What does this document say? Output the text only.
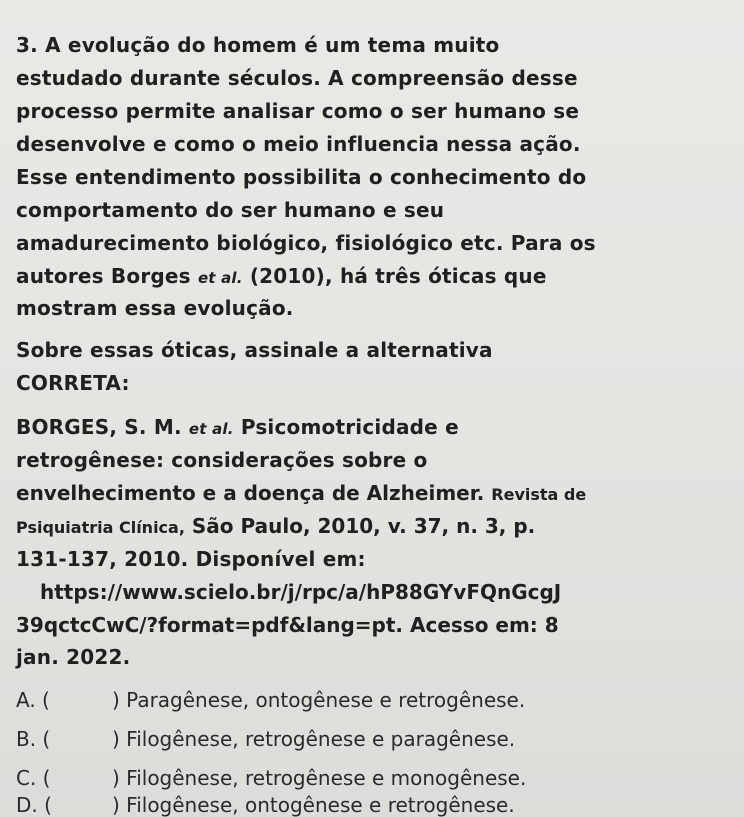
3. A evolução do homem é um tema muito
estudado durante séculos. A compreensão desse
processo permite analisar como o ser humano se
desenvolve e como o meio influencia nessa ação.
Esse entendimento possibilita o conhecimento do
comportamento do ser humano e seu
amadurecimento biológico, fisiológico etc. Para os
autores Borges et al. (2010), há três óticas que
mostram essa evolução.
Sobre essas óticas, assinale a alternativa
CORRETA:
BORGES, S. M. et al. Psicomotricidade e
retrogênese: considerações sobre o
envelhecimento e a doença de Alzheimer. Revista de
Psiquiatria Clínica, São Paulo, 2010, v. 37, n. 3, p.
131-137, 2010. Disponível em:
https://www.scielo.br/j/rpc/a/hP88GYvFQnGcgJ
39qctcCwC/?format=pdf&lang=pt. Acesso em: 8
jan. 2022.
A. (	) Paragênese, ontogênese e retrogênese.
B. (	) Filogênese, retrogênese e paragênese.
C. (	) Filogênese, retrogênese e monogênese.
D. (	) Filogênese, ontogênese e retrogênese.
